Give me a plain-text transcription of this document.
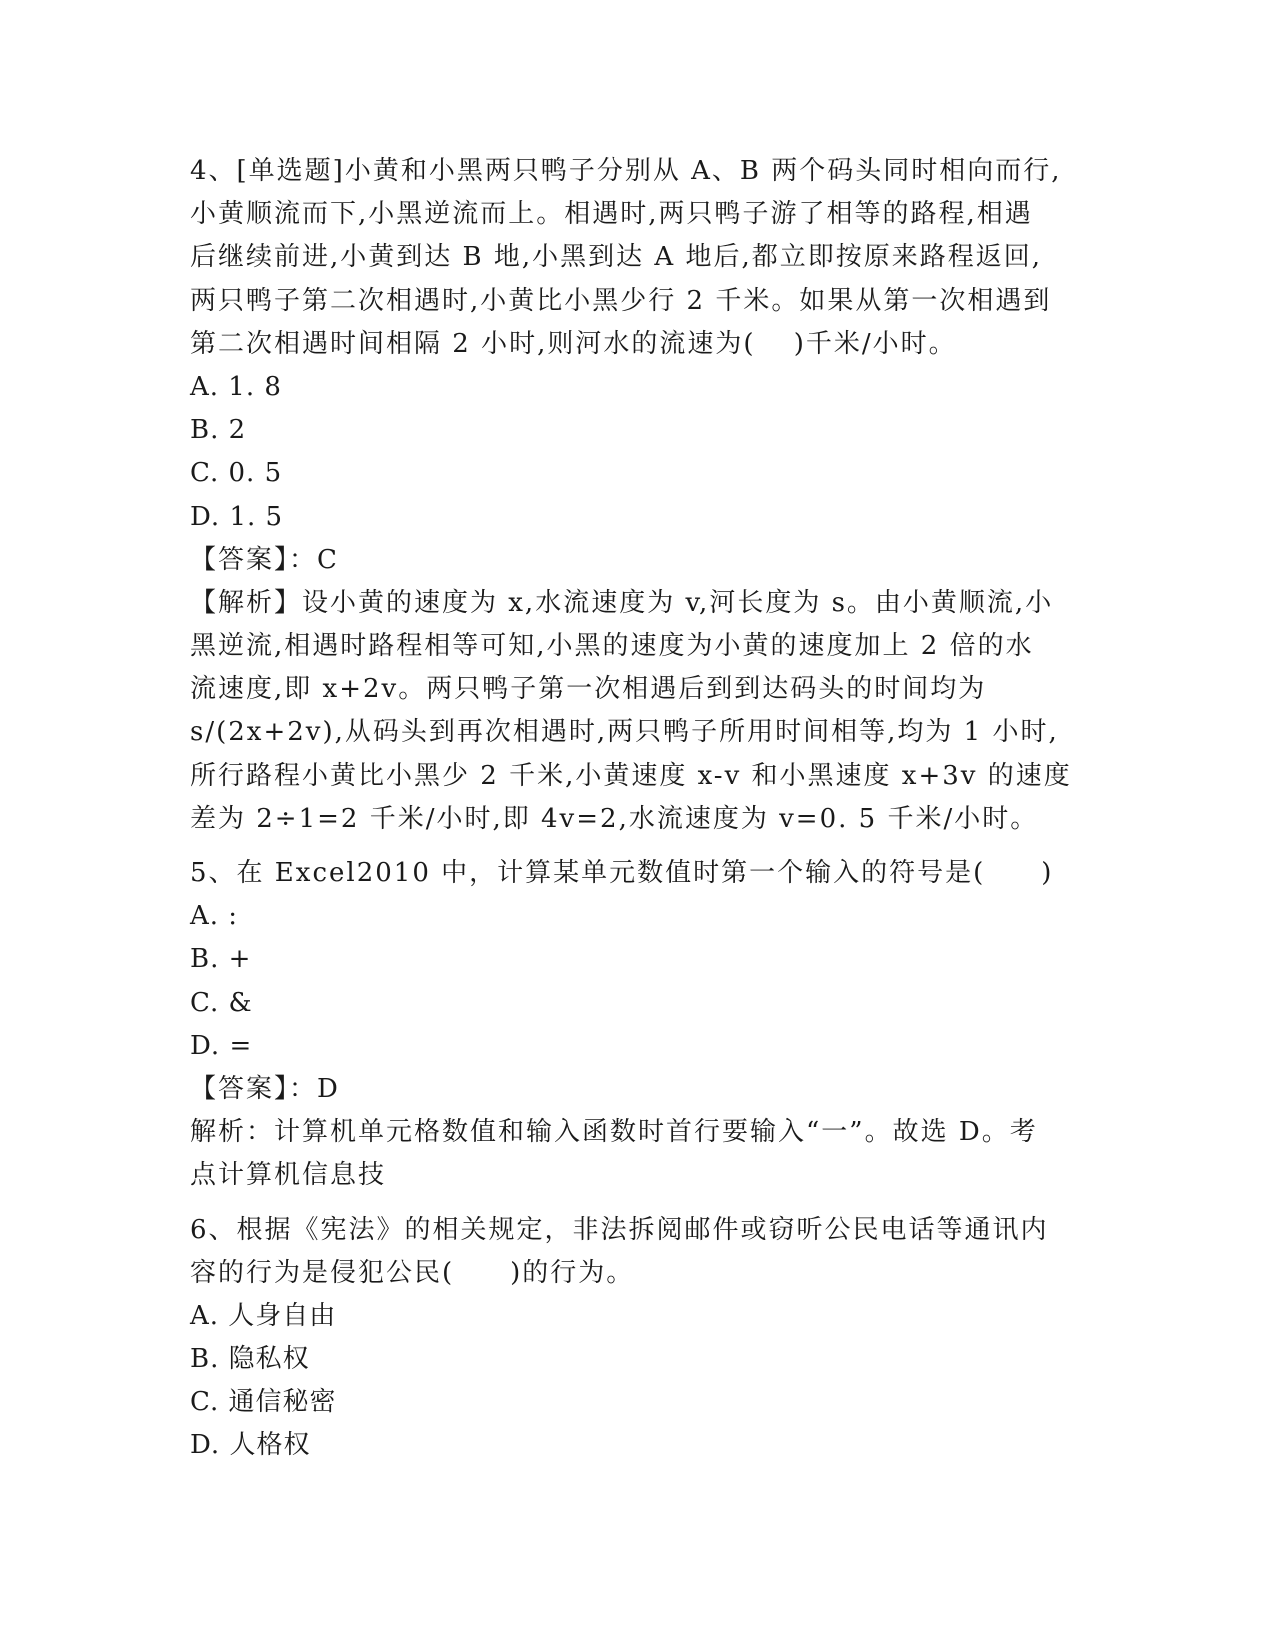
4、[单选题]小黄和小黑两只鸭子分别从 A、B 两个码头同时相向而行,
小黄顺流而下,小黑逆流而上。相遇时,两只鸭子游了相等的路程,相遇
后继续前进,小黄到达 B 地,小黑到达 A 地后,都立即按原来路程返回,
两只鸭子第二次相遇时,小黄比小黑少行 2 千米。如果从第一次相遇到
第二次相遇时间相隔 2 小时,则河水的流速为(　 )千米/小时。
A. 1. 8
B. 2
C. 0. 5
D. 1. 5
【答案】：C
【解析】设小黄的速度为 x,水流速度为 v,河长度为 s。由小黄顺流,小
黑逆流,相遇时路程相等可知,小黑的速度为小黄的速度加上 2 倍的水
流速度,即 x+2v。两只鸭子第一次相遇后到到达码头的时间均为
s/(2x+2v),从码头到再次相遇时,两只鸭子所用时间相等,均为 1 小时,
所行路程小黄比小黑少 2 千米,小黄速度 x-v 和小黑速度 x+3v 的速度
差为 2÷1=2 千米/小时,即 4v=2,水流速度为 v=0. 5 千米/小时。
5、在 Excel2010 中，计算某单元数值时第一个输入的符号是(　　)
A. :
B. +
C. &
D. =
【答案】：D
解析：计算机单元格数值和输入函数时首行要输入“一”。故选 D。考
点计算机信息技
6、根据《宪法》的相关规定，非法拆阅邮件或窃听公民电话等通讯内
容的行为是侵犯公民(　　)的行为。
A. 人身自由
B. 隐私权
C. 通信秘密
D. 人格权
